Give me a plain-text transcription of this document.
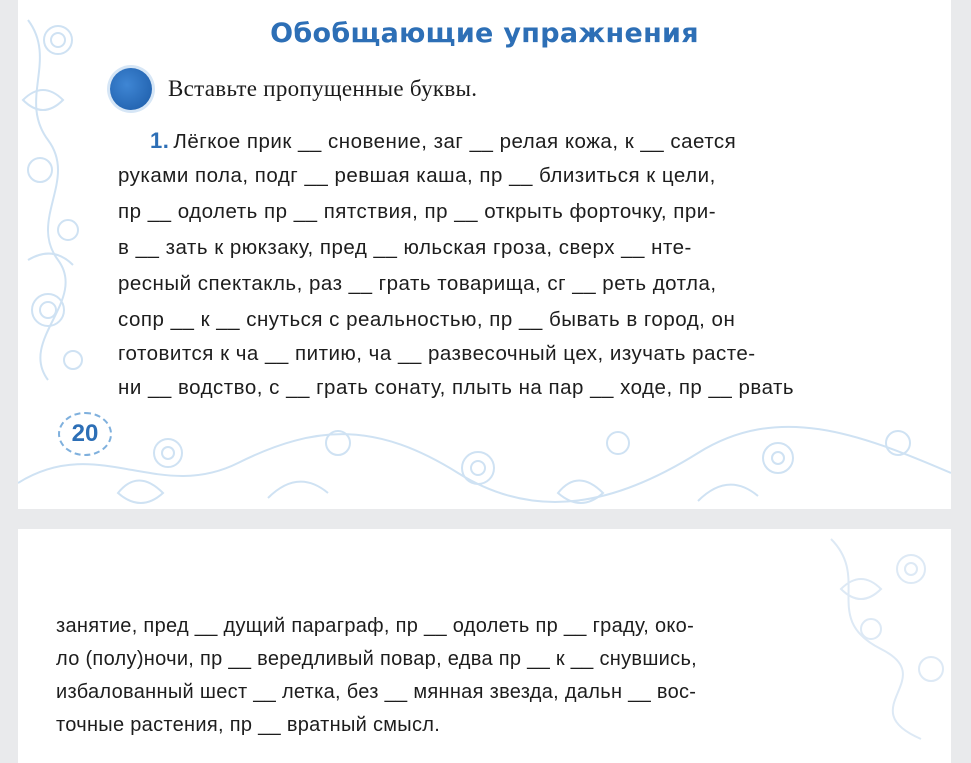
Обобщающие упражнения
Вставьте пропущенные буквы.
1. Лёгкое прик __ сновение, заг __ релая кожа, к __ сается
руками пола, подг __ ревшая каша, пр __ близиться к цели,
пр __ одолеть пр __ пятствия, пр __ открыть форточку, при-
в __ зать к рюкзаку, пред __ юльская гроза, сверх __ нте-
ресный спектакль, раз __ грать товарища, сг __ реть дотла,
сопр __ к __ снуться с реальностью, пр __ бывать в город, он
готовится к ча __ питию, ча __ развесочный цех, изучать расте-
ни __ водство, с __ грать сонату, плыть на пар __ ходе, пр __ рвать
20
занятие, пред __ дущий параграф, пр __ одолеть пр __ граду, око-
ло (полу)ночи, пр __ вередливый повар, едва пр __ к __ снувшись,
избалованный шест __ летка, без __ мянная звезда, дальн __ вос-
точные растения, пр __ вратный смысл.
